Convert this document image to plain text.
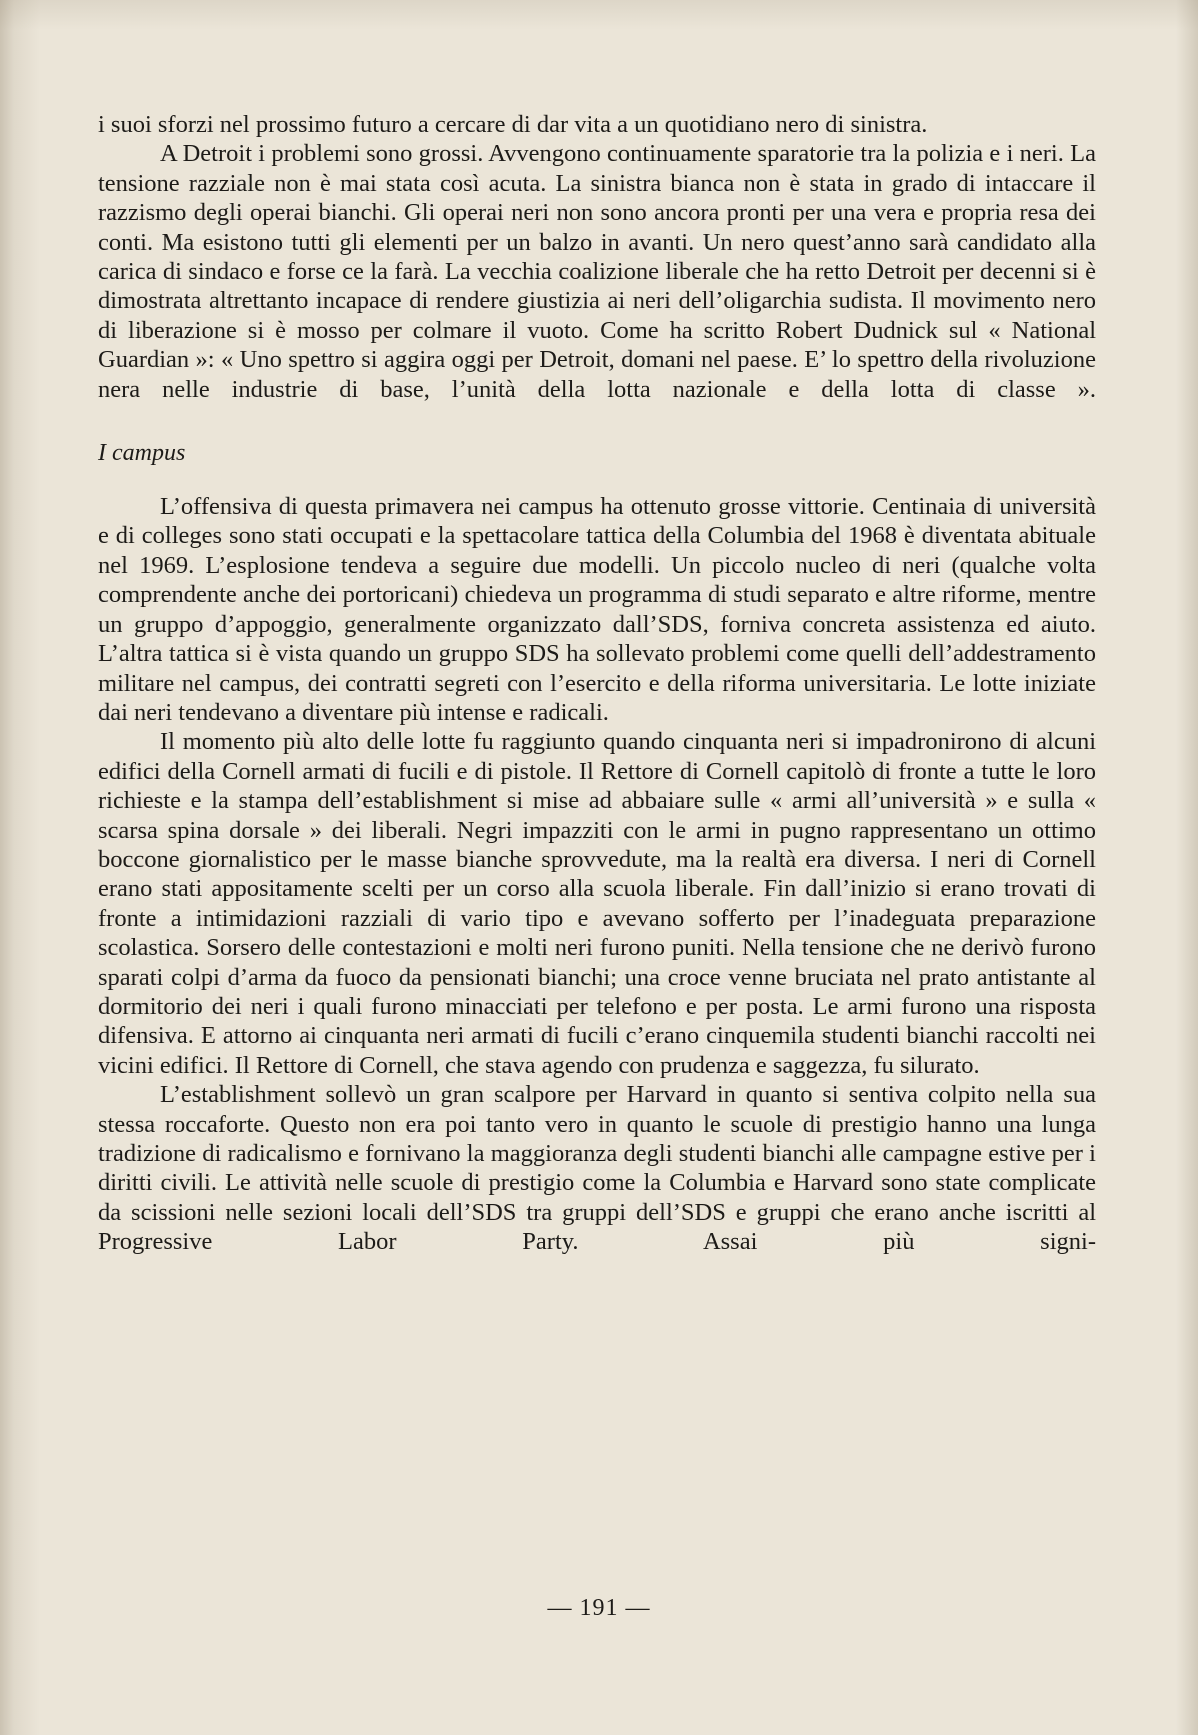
i suoi sforzi nel prossimo futuro a cercare di dar vita a un quotidiano nero di sinistra.

A Detroit i problemi sono grossi. Avvengono continuamente sparatorie tra la polizia e i neri. La tensione razziale non è mai stata così acuta. La sinistra bianca non è stata in grado di intaccare il razzismo degli operai bianchi. Gli operai neri non sono ancora pronti per una vera e propria resa dei conti. Ma esistono tutti gli elementi per un balzo in avanti. Un nero quest’anno sarà candidato alla carica di sindaco e forse ce la farà. La vecchia coalizione liberale che ha retto Detroit per decenni si è dimostrata altrettanto incapace di rendere giustizia ai neri dell’oligarchia sudista. Il movimento nero di liberazione si è mosso per colmare il vuoto. Come ha scritto Robert Dudnick sul « National Guardian »: « Uno spettro si aggira oggi per Detroit, domani nel paese. E’ lo spettro della rivoluzione nera nelle industrie di base, l’unità della lotta nazionale e della lotta di classe ».

I campus

L’offensiva di questa primavera nei campus ha ottenuto grosse vittorie. Centinaia di università e di colleges sono stati occupati e la spettacolare tattica della Columbia del 1968 è diventata abituale nel 1969. L’esplosione tendeva a seguire due modelli. Un piccolo nucleo di neri (qualche volta comprendente anche dei portoricani) chiedeva un programma di studi separato e altre riforme, mentre un gruppo d’appoggio, generalmente organizzato dall’SDS, forniva concreta assistenza ed aiuto. L’altra tattica si è vista quando un gruppo SDS ha sollevato problemi come quelli dell’addestramento militare nel campus, dei contratti segreti con l’esercito e della riforma universitaria. Le lotte iniziate dai neri tendevano a diventare più intense e radicali.

Il momento più alto delle lotte fu raggiunto quando cinquanta neri si impadronirono di alcuni edifici della Cornell armati di fucili e di pistole. Il Rettore di Cornell capitolò di fronte a tutte le loro richieste e la stampa dell’establishment si mise ad abbaiare sulle « armi all’università » e sulla « scarsa spina dorsale » dei liberali. Negri impazziti con le armi in pugno rappresentano un ottimo boccone giornalistico per le masse bianche sprovvedute, ma la realtà era diversa. I neri di Cornell erano stati appositamente scelti per un corso alla scuola liberale. Fin dall’inizio si erano trovati di fronte a intimidazioni razziali di vario tipo e avevano sofferto per l’inadeguata preparazione scolastica. Sorsero delle contestazioni e molti neri furono puniti. Nella tensione che ne derivò furono sparati colpi d’arma da fuoco da pensionati bianchi; una croce venne bruciata nel prato antistante al dormitorio dei neri i quali furono minacciati per telefono e per posta. Le armi furono una risposta difensiva. E attorno ai cinquanta neri armati di fucili c’erano cinquemila studenti bianchi raccolti nei vicini edifici. Il Rettore di Cornell, che stava agendo con prudenza e saggezza, fu silurato.

L’establishment sollevò un gran scalpore per Harvard in quanto si sentiva colpito nella sua stessa roccaforte. Questo non era poi tanto vero in quanto le scuole di prestigio hanno una lunga tradizione di radicalismo e fornivano la maggioranza degli studenti bianchi alle campagne estive per i diritti civili. Le attività nelle scuole di prestigio come la Columbia e Harvard sono state complicate da scissioni nelle sezioni locali dell’SDS tra gruppi dell’SDS e gruppi che erano anche iscritti al Progressive Labor Party. Assai più signi-

— 191 —
